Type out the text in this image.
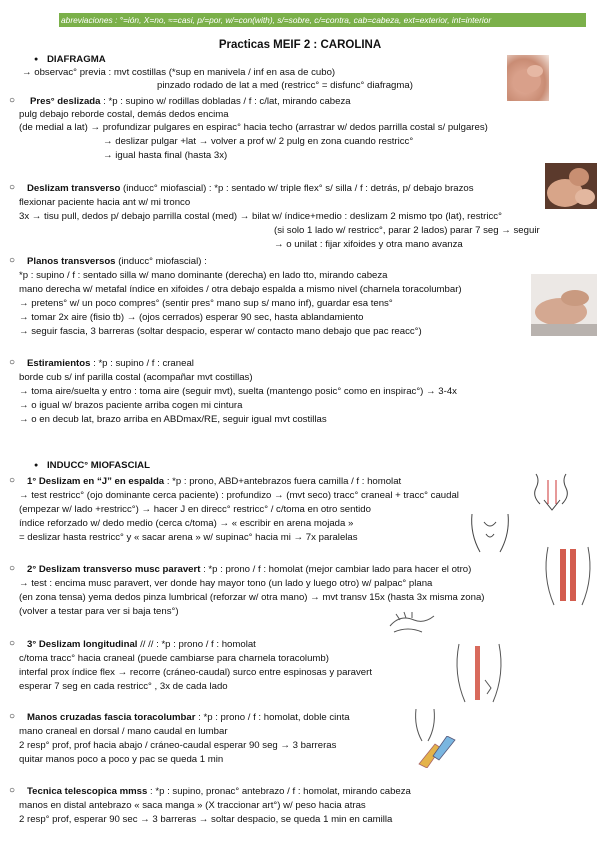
abreviaciones : °=ión, X=no, ≈=casi, p/=por, w/=con(with), s/=sobre, c/=contra, cab=cabeza, ext=exterior, int=interior
Practicas MEIF 2 : CAROLINA
● DIAFRAGMA
→ observac° previa : mvt costillas (*sup en manivela / inf en asa de cubo)
pinzado rodado de lat a med (restricc° = disfunc° diafragma)
○ Pres° deslizada : *p : supino w/ rodillas dobladas / f : c/lat, mirando cabeza
pulg debajo reborde costal, demás dedos encima
(de medial a lat) → profundizar pulgares en espirac° hacia techo (arrastrar w/ dedos parrilla costal s/ pulgares)
→ deslizar pulgar +lat → volver a prof w/ 2 pulg en zona cuando restricc°
→ igual hasta final (hasta 3x)
○ Deslizam transverso (inducc° miofascial) : *p : sentado w/ triple flex° s/ silla / f : detrás, p/ debajo brazos
flexionar paciente hacia ant w/ mi tronco
3x → tisu pull, dedos p/ debajo parrilla costal (med) → bilat w/ índice+medio : deslizam 2 mismo tpo (lat), restricc°
(si solo 1 lado w/ restricc°, parar 2 lados) parar 7 seg → seguir
→ o unilat : fijar xifoides y otra mano avanza
○ Planos transversos (inducc° miofascial) :
*p : supino / f : sentado silla w/ mano dominante (derecha) en lado tto, mirando cabeza
mano derecha w/ metafal índice en xifoides / otra debajo espalda a mismo nivel (charnela toracolumbar)
→ pretens° w/ un poco compres° (sentir pres° mano sup s/ mano inf), guardar esa tens°
→ tomar 2x aire (fisio tb) → (ojos cerrados) esperar 90 sec, hasta ablandamiento
→ seguir fascia, 3 barreras (soltar despacio, esperar w/ contacto mano debajo que pac reacc°)
○ Estiramientos : *p : supino / f : craneal
borde cub s/ inf parilla costal (acompañar mvt costillas)
→ toma aire/suelta y entro : toma aire (seguir mvt), suelta (mantengo posic° como en inspirac°) → 3-4x
→ o igual w/ brazos paciente arriba cogen mi cintura
→ o en decub lat, brazo arriba en ABDmax/RE, seguir igual mvt costillas
● INDUCC° MIOFASCIAL
○ 1° Deslizam en “J” en espalda : *p : prono, ABD+antebrazos fuera camilla / f : homolat
→ test restricc° (ojo dominante cerca paciente) : profundizo → (mvt seco) tracc° craneal + tracc° caudal
(empezar w/ lado +restricc°) → hacer J en direcc° restricc° / c/toma en otro sentido
índice reforzado w/ dedo medio (cerca c/toma) → « escribir en arena mojada »
= deslizar hasta restricc° y « sacar arena » w/ supinac° hacia mi → 7x paralelas
○ 2° Deslizam transverso musc paravert : *p : prono / f : homolat (mejor cambiar lado para hacer el otro)
→ test : encima musc paravert, ver donde hay mayor tono (un lado y luego otro) w/ palpac° plana
(en zona tensa) yema dedos pinza lumbrical (reforzar w/ otra mano) → mvt transv 15x (hasta 3x misma zona)
(volver a testar para ver si baja tens°)
○ 3° Deslizam longitudinal // // : *p : prono / f : homolat
c/toma tracc° hacia craneal (puede cambiarse para charnela toracolumb)
interfal prox índice flex → recorre (cráneo-caudal) surco entre espinosas y paravert
esperar 7 seg en cada restricc° , 3x de cada lado
○ Manos cruzadas fascia toracolumbar : *p : prono / f : homolat, doble cinta
mano craneal en dorsal / mano caudal en lumbar
2 resp° prof, prof hacia abajo / cráneo-caudal esperar 90 seg → 3 barreras
quitar manos poco a poco y pac se queda 1 min
○ Tecnica telescopica mmss : *p : supino, pronac° antebrazo / f : homolat, mirando cabeza
manos en distal antebrazo « saca manga » (X traccionar art°) w/ peso hacia atras
2 resp° prof, esperar 90 sec → 3 barreras → soltar despacio, se queda 1 min en camilla
